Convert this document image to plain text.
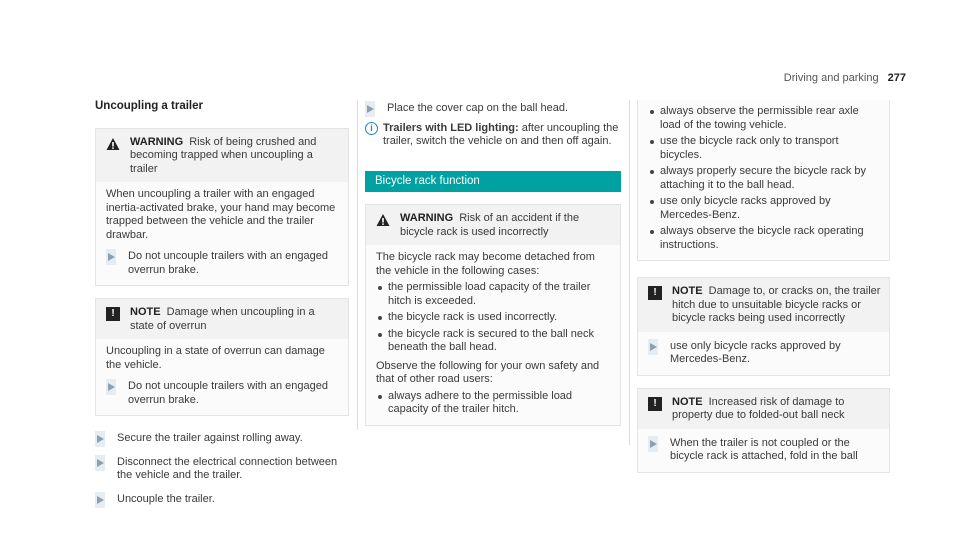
Driving and parking 277
Uncoupling a trailer
WARNING Risk of being crushed and becoming trapped when uncoupling a trailer
When uncoupling a trailer with an engaged inertia-activated brake, your hand may become trapped between the vehicle and the trailer drawbar.
Do not uncouple trailers with an engaged overrun brake.
!	NOTE Damage when uncoupling in a state of overrun
Uncoupling in a state of overrun can damage the vehicle.
Do not uncouple trailers with an engaged overrun brake.
Secure the trailer against rolling away.
Disconnect the electrical connection between the vehicle and the trailer.
Uncouple the trailer.
Place the cover cap on the ball head.
i Trailers with LED lighting: after uncoupling the trailer, switch the vehicle on and then off again.
Bicycle rack function
WARNING Risk of an accident if the bicycle rack is used incorrectly
The bicycle rack may become detached from the vehicle in the following cases:
the permissible load capacity of the trailer hitch is exceeded.
the bicycle rack is used incorrectly.
the bicycle rack is secured to the ball neck beneath the ball head.
Observe the following for your own safety and that of other road users:
always adhere to the permissible load capacity of the trailer hitch.
always observe the permissible rear axle load of the towing vehicle.
use the bicycle rack only to transport bicycles.
always properly secure the bicycle rack by attaching it to the ball head.
use only bicycle racks approved by Mercedes-Benz.
always observe the bicycle rack operating instructions.
!	NOTE Damage to, or cracks on, the trailer hitch due to unsuitable bicycle racks or bicycle racks being used incorrectly
use only bicycle racks approved by Mercedes-Benz.
!	NOTE Increased risk of damage to property due to folded-out ball neck
When the trailer is not coupled or the bicycle rack is attached, fold in the ball
